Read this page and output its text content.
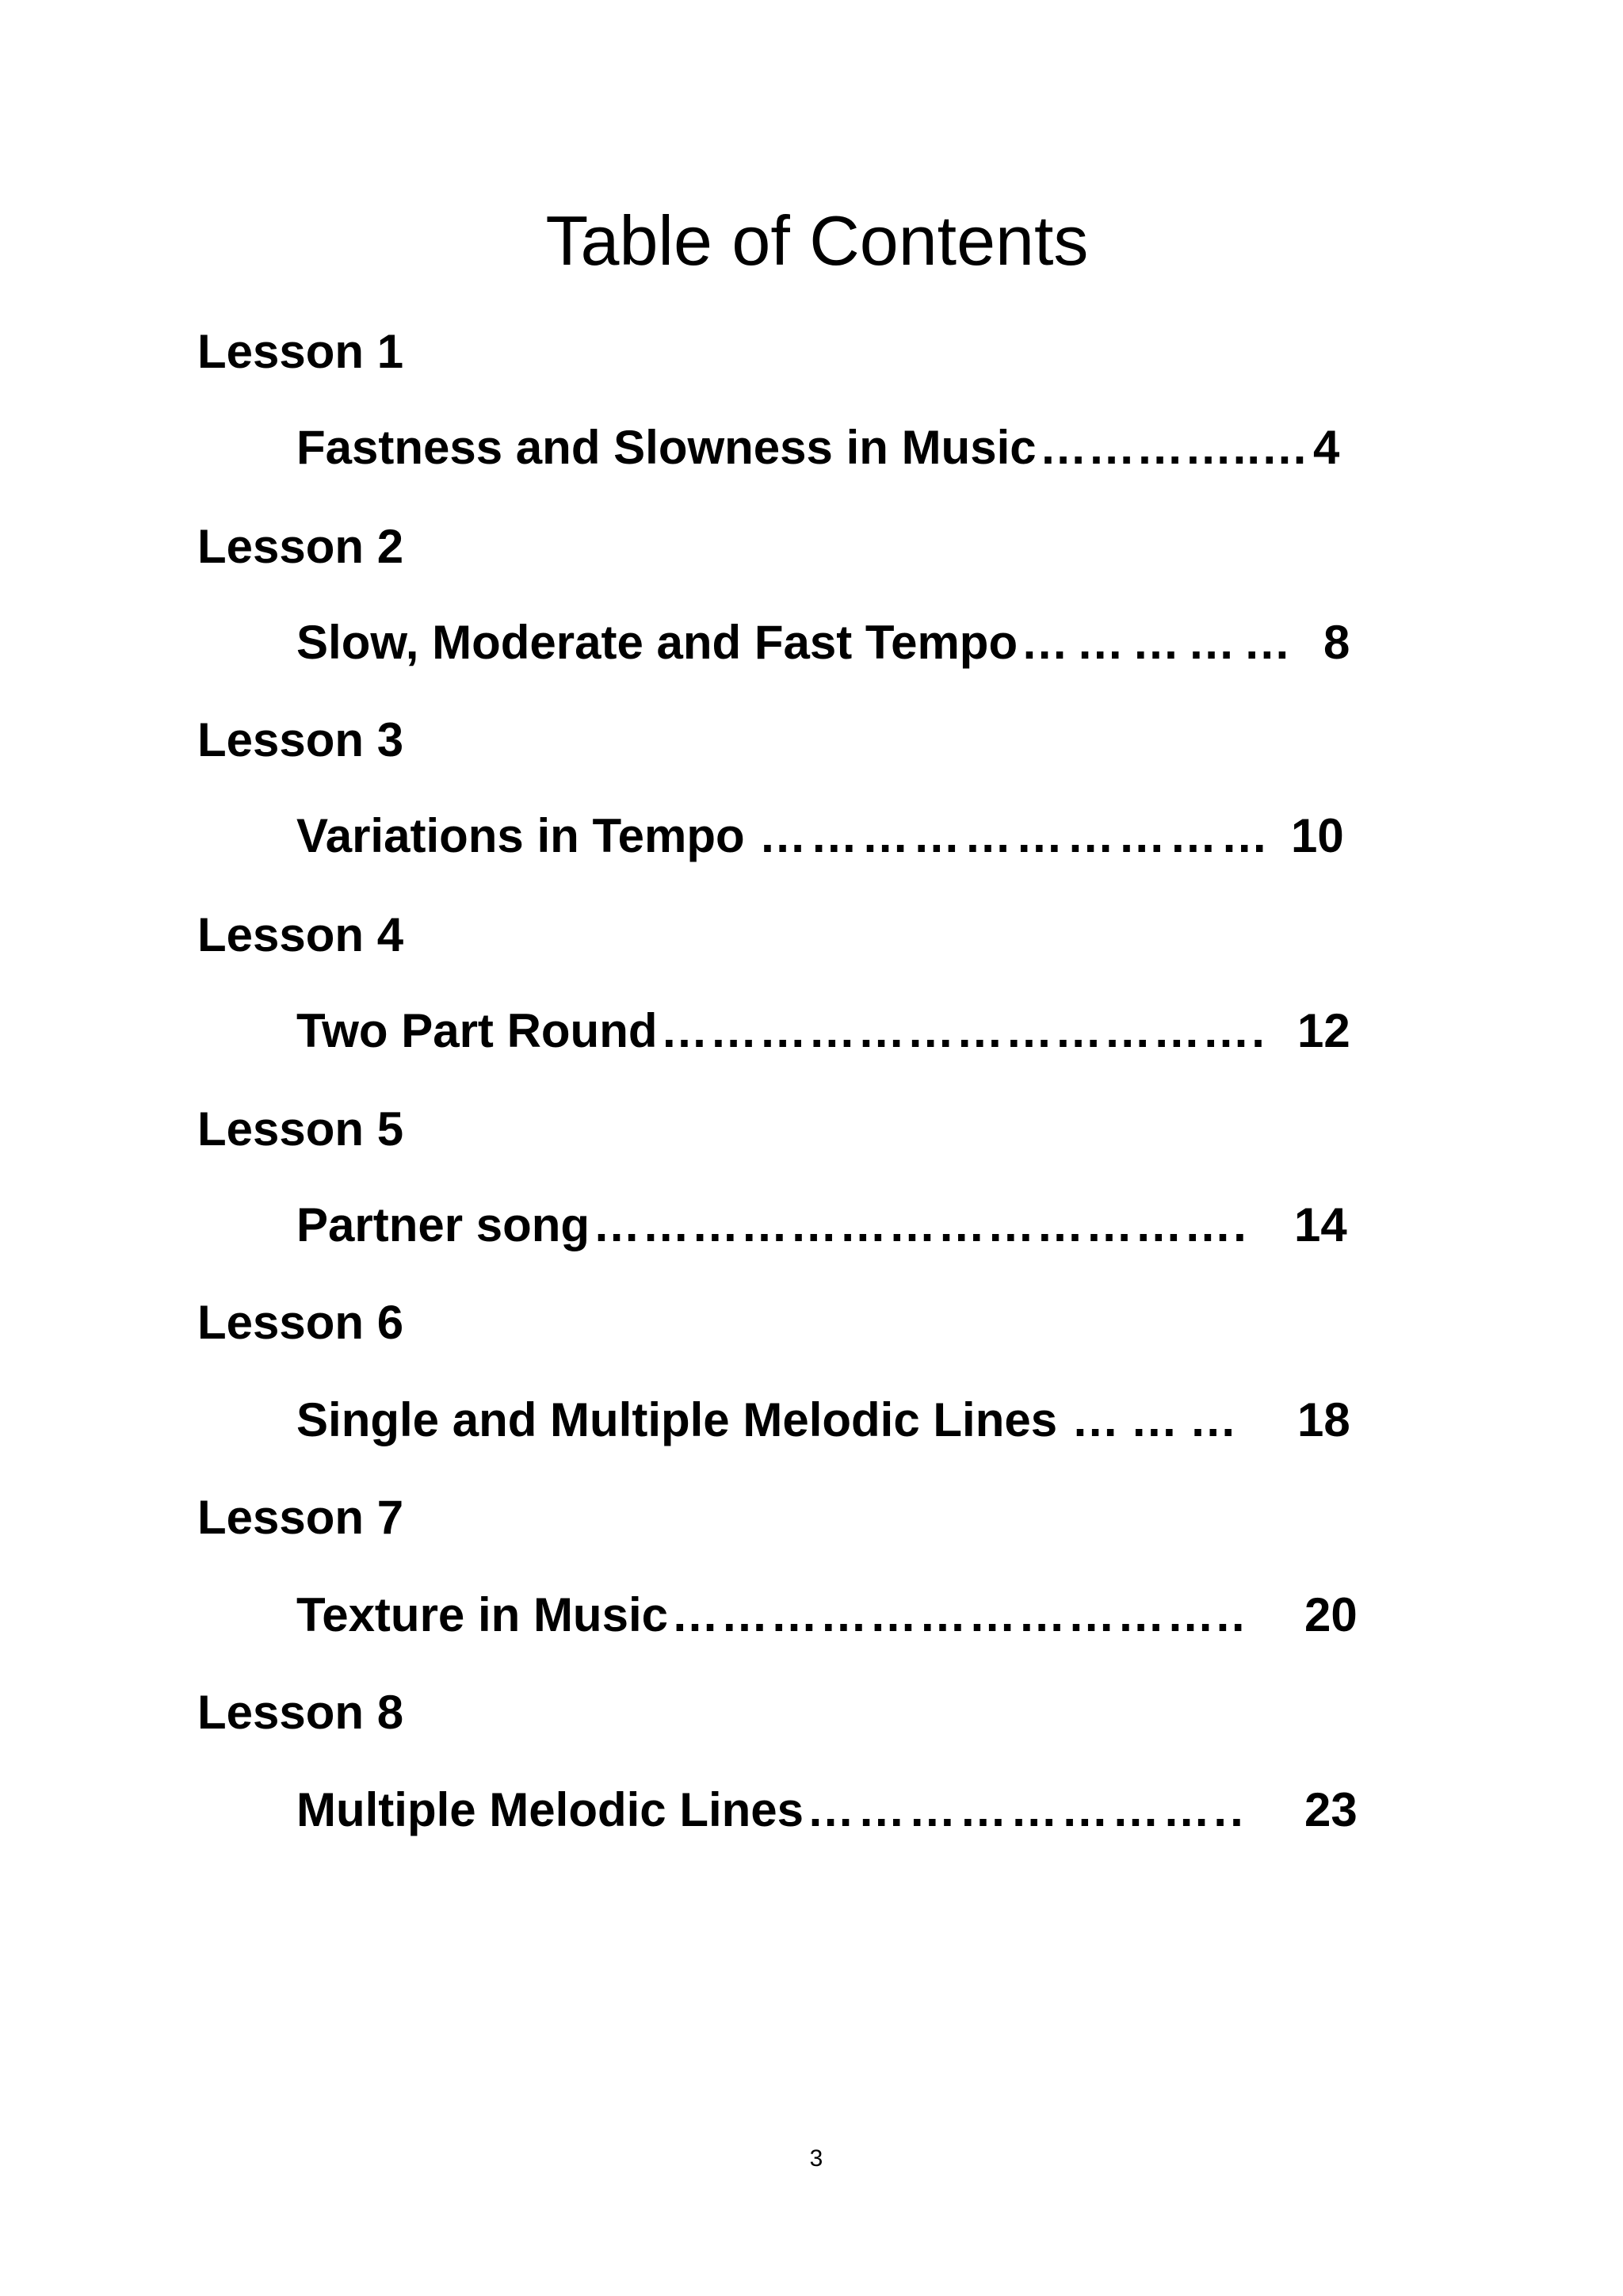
Table of Contents
Lesson 1
Fastness and Slowness in Music …………..… 4
Lesson 2
Slow, Moderate and Fast Tempo …………… 8
Lesson 3
Variations in Tempo ………………………… 10
Lesson 4
Two Part Round ………………………………. 12
Lesson 5
Partner song …………………………………. 14
Lesson 6
Single and Multiple Melodic Lines ……… 18
Lesson 7
Texture in Music …………………………….. 20
Lesson 8
Multiple Melodic Lines …………………….. 23
3
